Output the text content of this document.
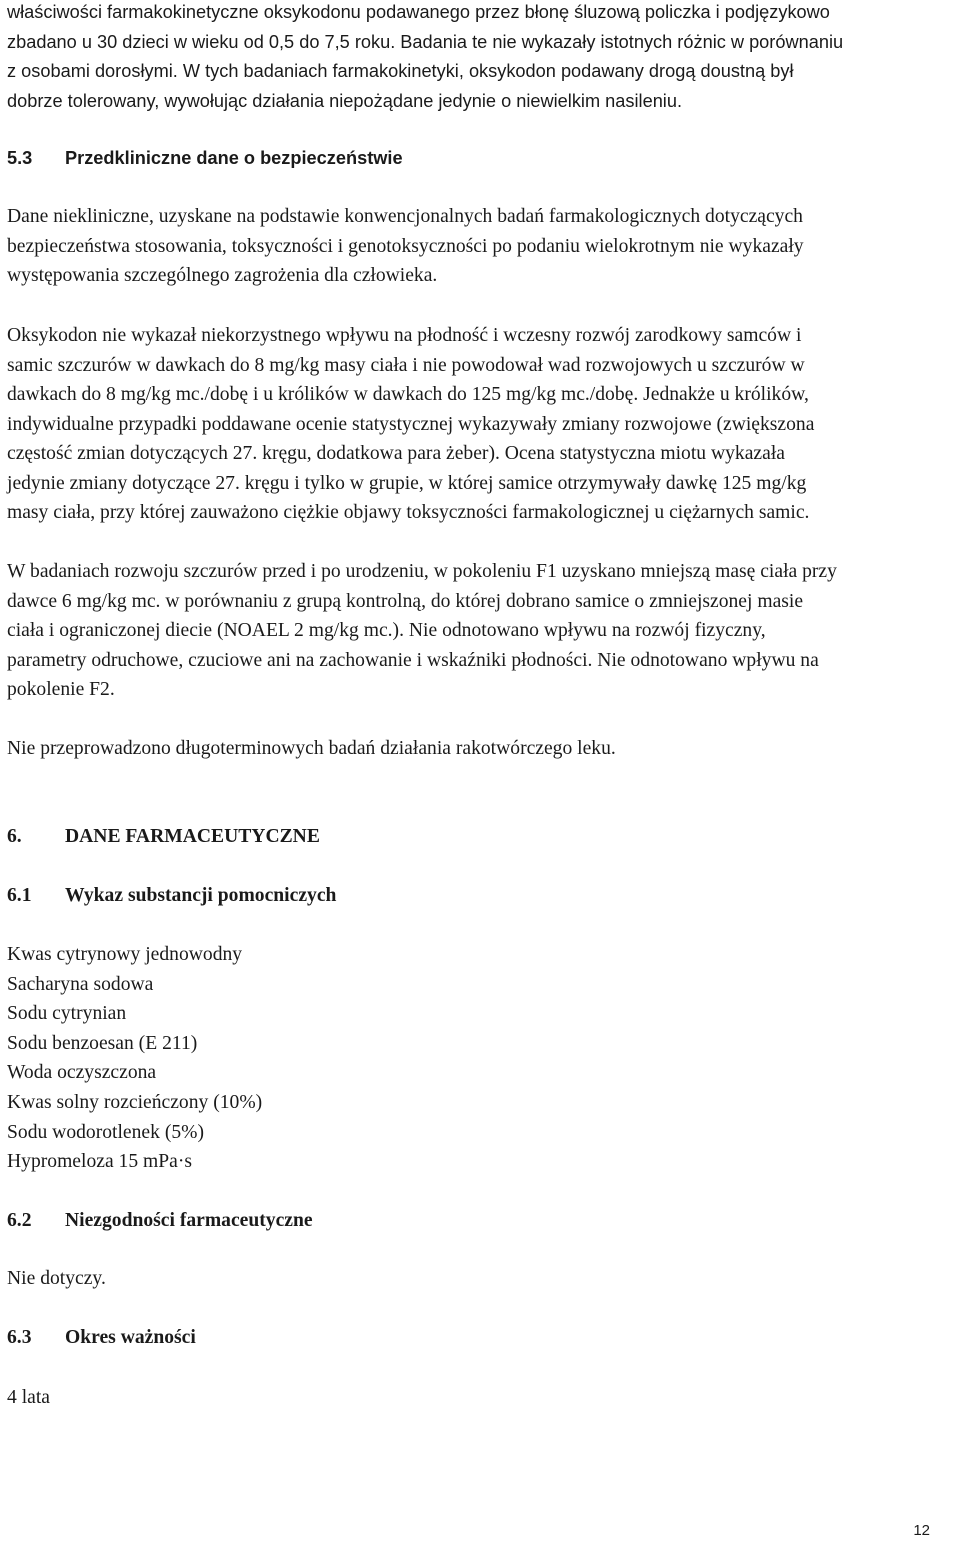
właściwości farmakokinetyczne oksykodonu podawanego przez błonę śluzową policzka i podjęzykowo
zbadano u 30 dzieci w wieku od 0,5 do 7,5 roku. Badania te nie wykazały istotnych różnic w porównaniu
z osobami dorosłymi. W tych badaniach farmakokinetyki, oksykodon podawany drogą doustną był
dobrze tolerowany, wywołując działania niepożądane jedynie o niewielkim nasileniu.
5.3	Przedkliniczne dane o bezpieczeństwie
Dane niekliniczne, uzyskane na podstawie konwencjonalnych badań farmakologicznych dotyczących
bezpieczeństwa stosowania, toksyczności i genotoksyczności po podaniu wielokrotnym nie wykazały
występowania szczególnego zagrożenia dla człowieka.
Oksykodon nie wykazał niekorzystnego wpływu na płodność i wczesny rozwój zarodkowy samców i
samic szczurów w dawkach do 8 mg/kg masy ciała i nie powodował wad rozwojowych u szczurów w
dawkach do 8 mg/kg mc./dobę i u królików w dawkach do 125 mg/kg mc./dobę. Jednakże u królików,
indywidualne przypadki poddawane ocenie statystycznej wykazywały zmiany rozwojowe (zwiększona
częstość zmian dotyczących 27. kręgu, dodatkowa para żeber). Ocena statystyczna miotu wykazała
jedynie zmiany dotyczące 27. kręgu i tylko w grupie, w której samice otrzymywały dawkę 125 mg/kg
masy ciała, przy której zauważono ciężkie objawy toksyczności farmakologicznej u ciężarnych samic.
W badaniach rozwoju szczurów przed i po urodzeniu, w pokoleniu F1 uzyskano mniejszą masę ciała przy
dawce 6 mg/kg mc. w porównaniu z grupą kontrolną, do której dobrano samice o zmniejszonej masie
ciała i ograniczonej diecie (NOAEL 2 mg/kg mc.). Nie odnotowano wpływu na rozwój fizyczny,
parametry odruchowe, czuciowe ani na zachowanie i wskaźniki płodności. Nie odnotowano wpływu na
pokolenie F2.
Nie przeprowadzono długoterminowych badań działania rakotwórczego leku.
6.	DANE FARMACEUTYCZNE
6.1	Wykaz substancji pomocniczych
Kwas cytrynowy jednowodny
Sacharyna sodowa
Sodu cytrynian
Sodu benzoesan (E 211)
Woda oczyszczona
Kwas solny rozcieńczony (10%)
Sodu wodorotlenek (5%)
Hypromeloza 15 mPa·s
6.2	Niezgodności farmaceutyczne
Nie dotyczy.
6.3	Okres ważności
4 lata
12
